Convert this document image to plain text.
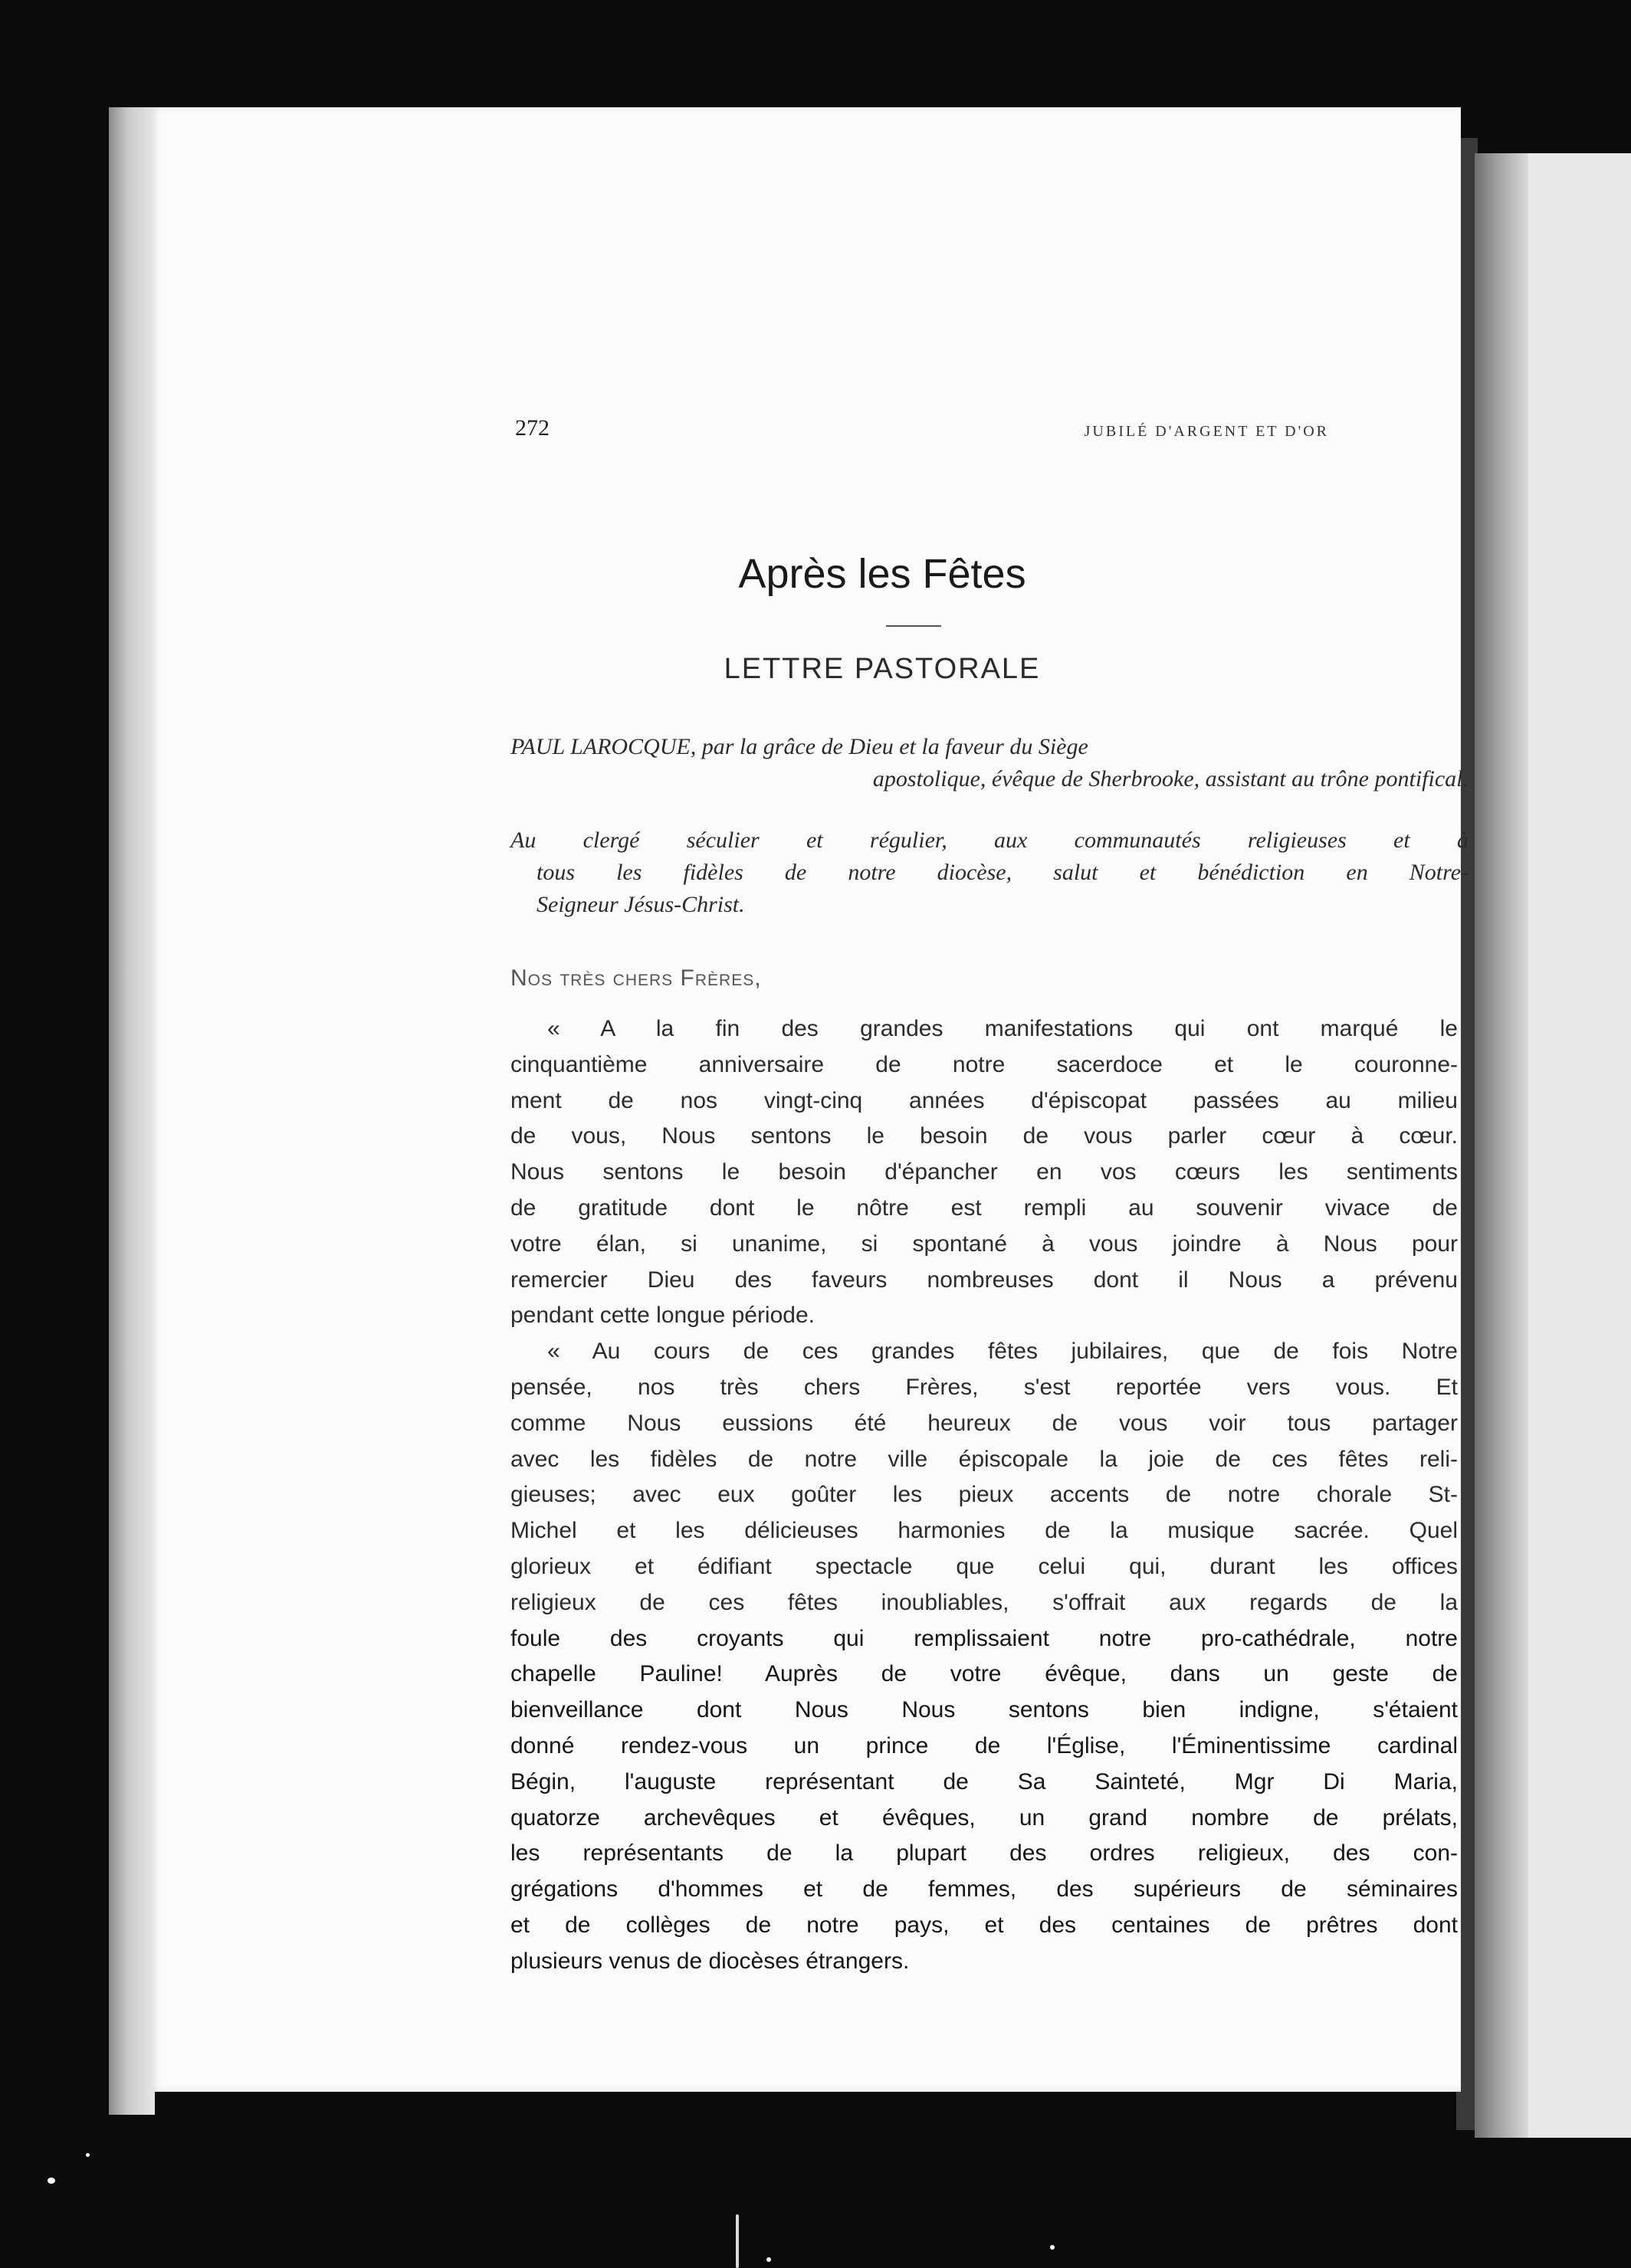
272	JUBILÉ D'ARGENT ET D'OR
Après les Fêtes
LETTRE PASTORALE
PAUL LAROCQUE, par la grâce de Dieu et la faveur du Siège
apostolique, évêque de Sherbrooke, assistant au trône pontifical.
Au clergé séculier et régulier, aux communautés religieuses et à
tous les fidèles de notre diocèse, salut et bénédiction en Notre-
Seigneur Jésus-Christ.
Nos très chers Frères,
« A la fin des grandes manifestations qui ont marqué le
cinquantième anniversaire de notre sacerdoce et le couronne-
ment de nos vingt-cinq années d'épiscopat passées au milieu
de vous, Nous sentons le besoin de vous parler cœur à cœur.
Nous sentons le besoin d'épancher en vos cœurs les sentiments
de gratitude dont le nôtre est rempli au souvenir vivace de
votre élan, si unanime, si spontané à vous joindre à Nous pour
remercier Dieu des faveurs nombreuses dont il Nous a prévenu
pendant cette longue période.
« Au cours de ces grandes fêtes jubilaires, que de fois Notre
pensée, nos très chers Frères, s'est reportée vers vous. Et
comme Nous eussions été heureux de vous voir tous partager
avec les fidèles de notre ville épiscopale la joie de ces fêtes reli-
gieuses; avec eux goûter les pieux accents de notre chorale St-
Michel et les délicieuses harmonies de la musique sacrée. Quel
glorieux et édifiant spectacle que celui qui, durant les offices
religieux de ces fêtes inoubliables, s'offrait aux regards de la
foule des croyants qui remplissaient notre pro-cathédrale, notre
chapelle Pauline! Auprès de votre évêque, dans un geste de
bienveillance dont Nous Nous sentons bien indigne, s'étaient
donné rendez-vous un prince de l'Église, l'Éminentissime cardinal
Bégin, l'auguste représentant de Sa Sainteté, Mgr Di Maria,
quatorze archevêques et évêques, un grand nombre de prélats,
les représentants de la plupart des ordres religieux, des con-
grégations d'hommes et de femmes, des supérieurs de séminaires
et de collèges de notre pays, et des centaines de prêtres dont
plusieurs venus de diocèses étrangers.
